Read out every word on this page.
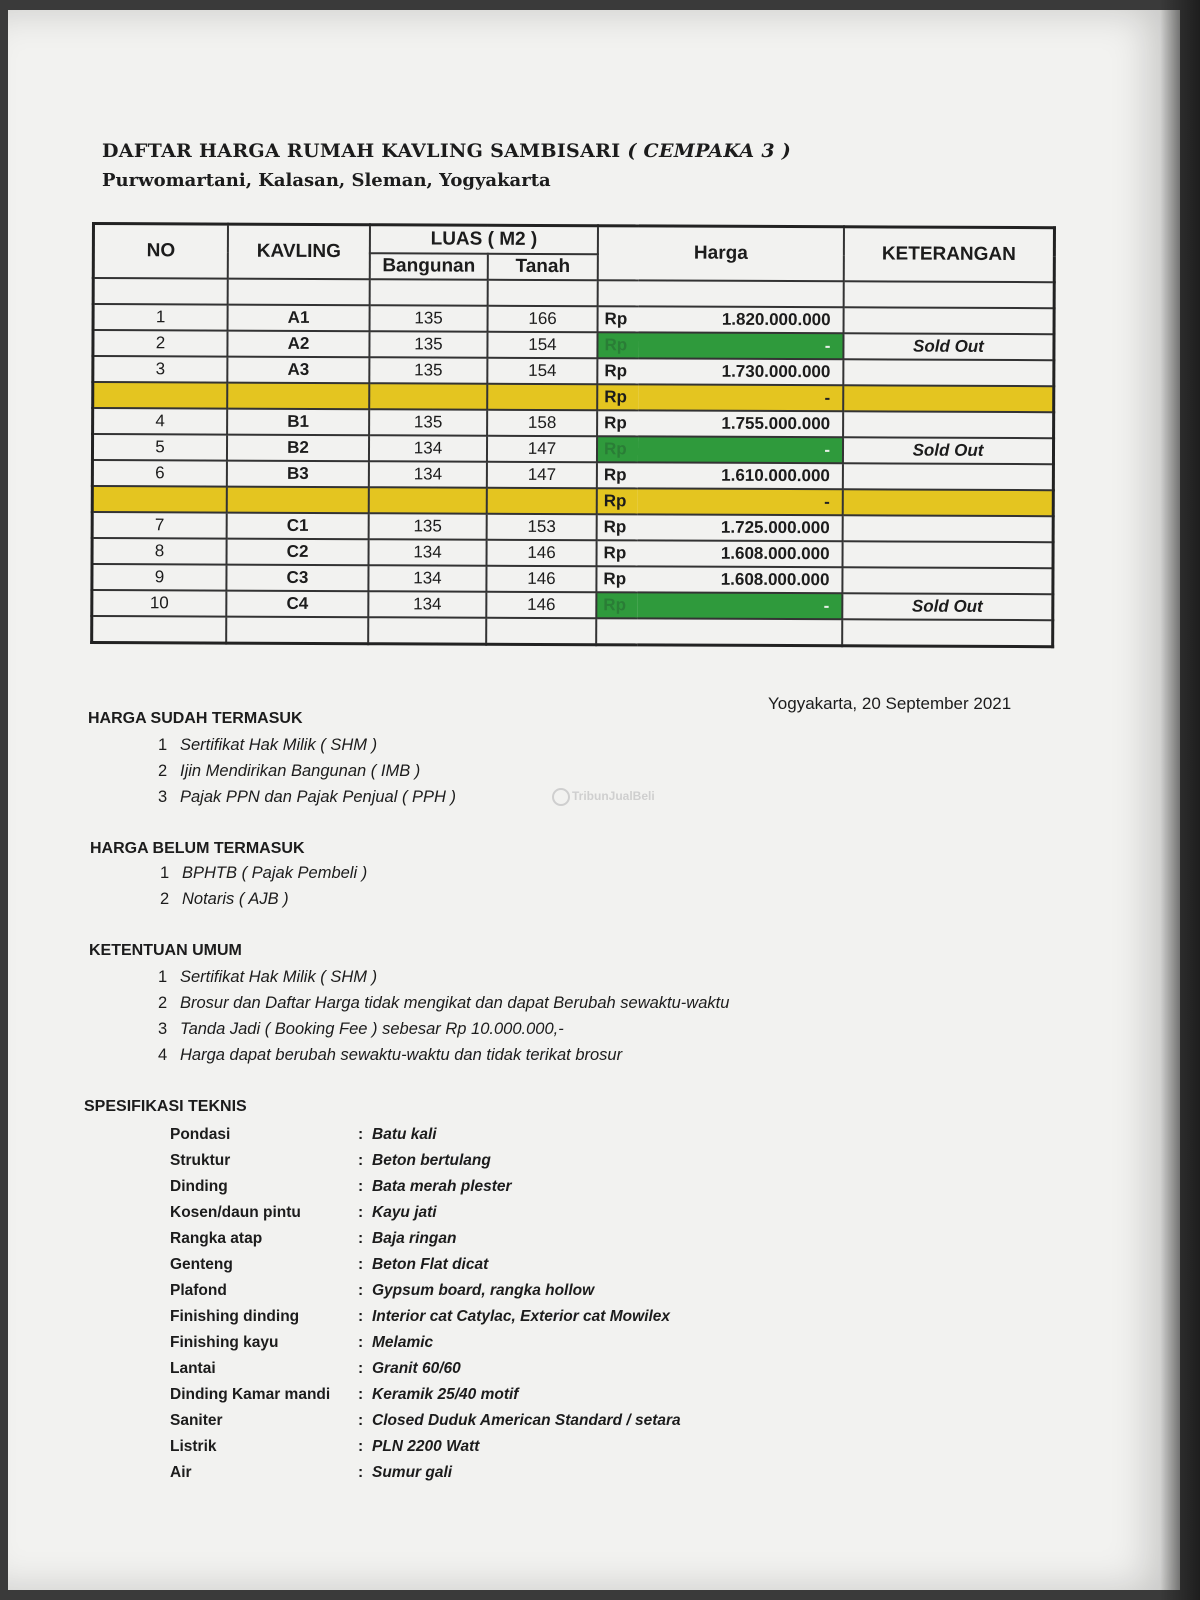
DAFTAR HARGA RUMAH KAVLING SAMBISARI ( CEMPAKA 3 )
Purwomartani, Kalasan, Sleman, Yogyakarta
NO	KAVLING	LUAS ( M2 )		Harga		KETERANGAN
		Bangunan	Tanah			

1	A1	135	166	Rp	1.820.000.000	
2	A2	135	154	Rp	-	Sold Out
3	A3	135	154	Rp	1.730.000.000	
				Rp	-	
4	B1	135	158	Rp	1.755.000.000	
5	B2	134	147	Rp	-	Sold Out
6	B3	134	147	Rp	1.610.000.000	
				Rp	-	
7	C1	135	153	Rp	1.725.000.000	
8	C2	134	146	Rp	1.608.000.000	
9	C3	134	146	Rp	1.608.000.000	
10	C4	134	146	Rp	-	Sold Out

Yogyakarta, 20 September 2021
TribunJualBeli
HARGA SUDAH TERMASUK
1 Sertifikat Hak Milik ( SHM )
2 Ijin Mendirikan Bangunan ( IMB )
3 Pajak PPN dan Pajak Penjual ( PPH )
HARGA BELUM TERMASUK
1 BPHTB ( Pajak Pembeli )
2 Notaris ( AJB )
KETENTUAN UMUM
1 Sertifikat Hak Milik ( SHM )
2 Brosur dan Daftar Harga tidak mengikat dan dapat Berubah sewaktu-waktu
3 Tanda Jadi ( Booking Fee ) sebesar Rp 10.000.000,-
4 Harga dapat berubah sewaktu-waktu dan tidak terikat brosur
SPESIFIKASI TEKNIS
Pondasi	: Batu kali
Struktur	: Beton bertulang
Dinding	: Bata merah plester
Kosen/daun pintu	: Kayu jati
Rangka atap	: Baja ringan
Genteng	: Beton Flat dicat
Plafond	: Gypsum board, rangka hollow
Finishing dinding	: Interior cat Catylac, Exterior cat Mowilex
Finishing kayu	: Melamic
Lantai	: Granit 60/60
Dinding Kamar mandi	: Keramik 25/40 motif
Saniter	: Closed Duduk American Standard / setara
Listrik	: PLN 2200 Watt
Air	: Sumur gali
